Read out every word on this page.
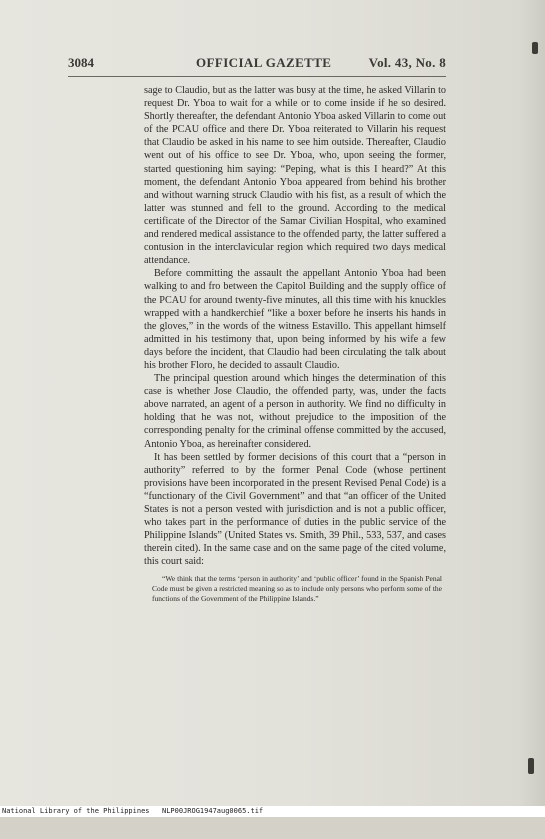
3084	OFFICIAL GAZETTE	Vol. 43, No. 8

sage to Claudio, but as the latter was busy at the time, he asked Villarin to request Dr. Yboa to wait for a while or to come inside if he so desired. Shortly thereafter, the defendant Antonio Yboa asked Villarin to come out of the PCAU office and there Dr. Yboa reiterated to Villarin his request that Claudio be asked in his name to see him outside. Thereafter, Claudio went out of his office to see Dr. Yboa, who, upon seeing the former, started questioning him saying: “Peping, what is this I heard?” At this moment, the defendant Antonio Yboa appeared from behind his brother and without warning struck Claudio with his fist, as a result of which the latter was stunned and fell to the ground. According to the medical certificate of the Director of the Samar Civilian Hospital, who examined and rendered medical assistance to the offended party, the latter suffered a contusion in the interclavicular region which required two days medical attendance.

Before committing the assault the appellant Antonio Yboa had been walking to and fro between the Capitol Building and the supply office of the PCAU for around twenty-five minutes, all this time with his knuckles wrapped with a handkerchief “like a boxer before he inserts his hands in the gloves,” in the words of the witness Estavillo. This appellant himself admitted in his testimony that, upon being informed by his wife a few days before the incident, that Claudio had been circulating the talk about his brother Floro, he decided to assault Claudio.

The principal question around which hinges the determination of this case is whether Jose Claudio, the offended party, was, under the facts above narrated, an agent of a person in authority. We find no difficulty in holding that he was not, without prejudice to the imposition of the corresponding penalty for the criminal offense committed by the accused, Antonio Yboa, as hereinafter considered.

It has been settled by former decisions of this court that a “person in authority” referred to by the former Penal Code (whose pertinent provisions have been incorporated in the present Revised Penal Code) is a “functionary of the Civil Government” and that “an officer of the United States is not a person vested with jurisdiction and is not a public officer, who takes part in the performance of duties in the public service of the Philippine Islands” (United States vs. Smith, 39 Phil., 533, 537, and cases therein cited). In the same case and on the same page of the cited volume, this court said:

“We think that the terms ‘person in authority’ and ‘public officer’ found in the Spanish Penal Code must be given a restricted meaning so as to include only persons who perform some of the functions of the Government of the Philippine Islands.”

National Library of the Philippines

NLP00JROG1947aug0065.tif
